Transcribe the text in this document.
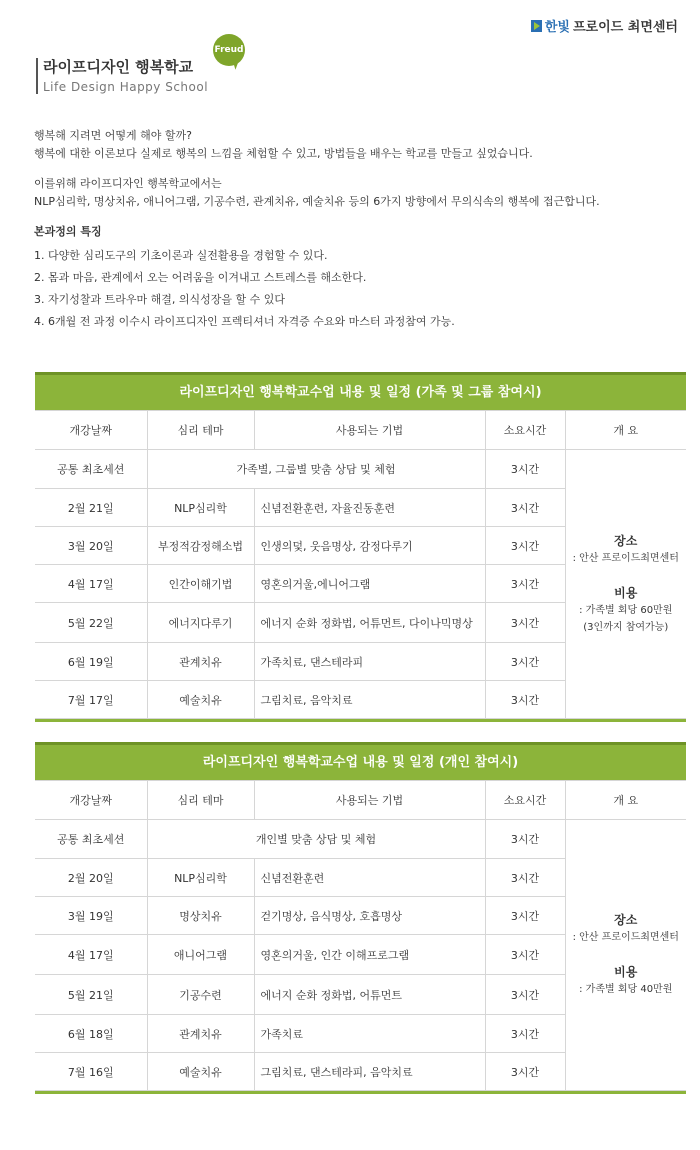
한빛 프로이드 최면센터
라이프디자인 행복학교
Life Design Happy School
Freud

행복해 지려면 어떻게 해야 할까?

행복에 대한 이론보다 실제로 행복의 느낌을 체험할 수 있고, 방법들을 배우는 학교를 만들고 싶었습니다.

이를위해 라이프디자인 행복학교에서는

NLP심리학, 명상치유, 애니어그램, 기공수련, 관계치유, 예술치유 등의 6가지 방향에서 무의식속의 행복에 접근합니다.

본과정의 특징

1. 다양한 심리도구의 기초이론과 실전활용을 경험할 수 있다.
2. 몸과 마음, 관계에서 오는 어려움을 이겨내고 스트레스를 해소한다.
3. 자기성찰과 트라우마 해결, 의식성장을 할 수 있다
4. 6개월 전 과정 이수시 라이프디자인 프렉티셔너 자격증 수요와 마스터 과정참여 가능.
라이프디자인 행복학교수업 내용 및 일정 (가족 및 그룹 참여시)
개강날짜	심리 테마	사용되는 기법	소요시간	개 요
공통 최초세션	가족별, 그룹별 맞춤 상담 및 체험		3시간	장소
: 안산 프로이드최면센터
비용
: 가족별 회당 60만원
(3인까지 참여가능)

2월 21일	NLP심리학	신념전환훈련, 자율진동훈련	3시간	
3월 20일	부정적감정해소법	인생의덫, 웃음명상, 감정다루기	3시간	
4월 17일	인간이해기법	영혼의거울,에니어그램	3시간	
5월 22일	에너지다루기	에너지 순화 정화법, 어튜먼트, 다이나믹명상	3시간	
6월 19일	관계치유	가족치료, 댄스테라피	3시간	
7월 17일	예술치유	그림치료, 음악치료	3시간	
라이프디자인 행복학교수업 내용 및 일정 (개인 참여시)
개강날짜	심리 테마	사용되는 기법	소요시간	개 요
공통 최초세션	개인별 맞춤 상담 및 체험		3시간	장소
: 안산 프로이드최면센터
비용
: 가족별 회당 40만원

2월 20일	NLP심리학	신념전환훈련	3시간	
3월 19일	명상치유	걷기명상, 음식명상, 호흡명상	3시간	
4월 17일	애니어그램	영혼의거울, 인간 이해프로그램	3시간	
5월 21일	기공수련	에너지 순화 정화법, 어튜먼트	3시간	
6월 18일	관계치유	가족치료	3시간	
7월 16일	예술치유	그림치료, 댄스테라피, 음악치료	3시간	
